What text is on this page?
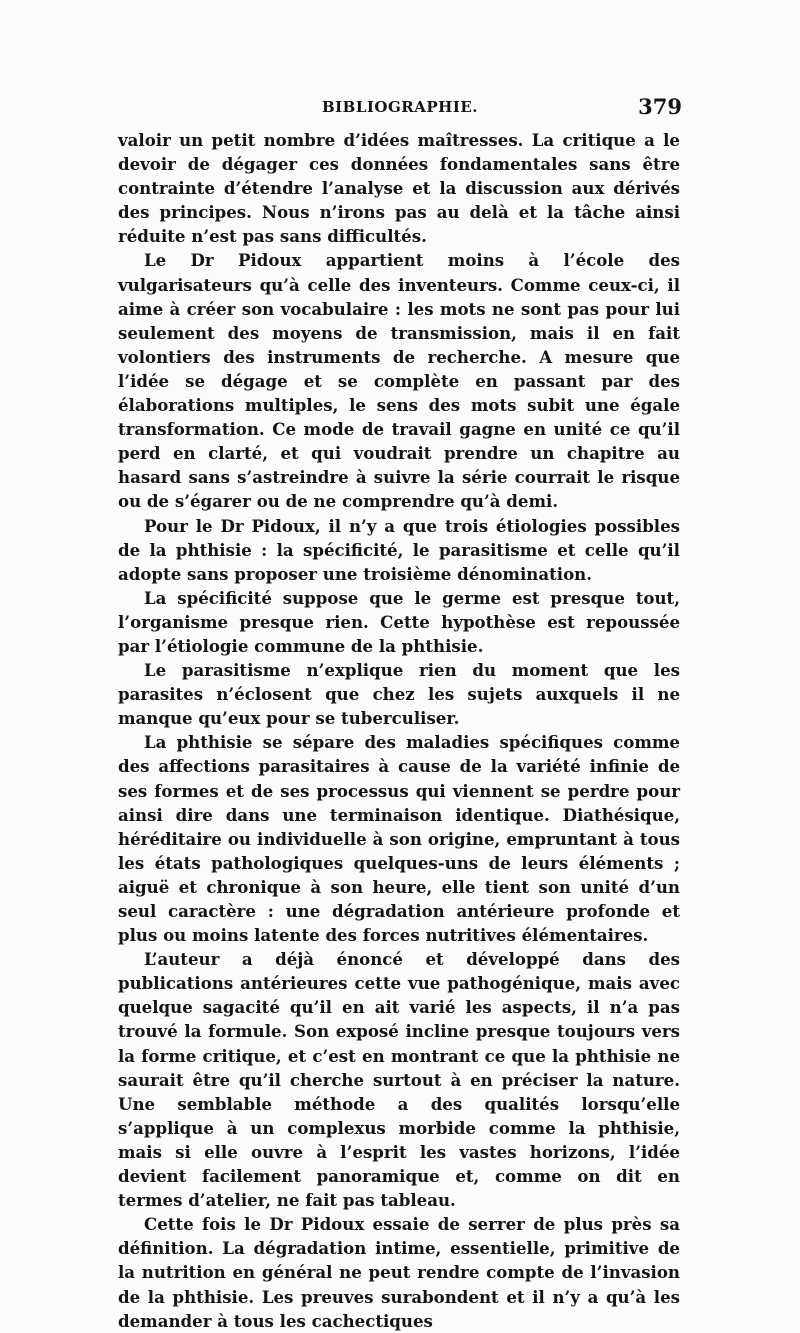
BIBLIOGRAPHIE.	379

valoir un petit nombre d’idées maîtresses. La critique a le devoir de dégager ces données fondamentales sans être contrainte d’étendre l’analyse et la discussion aux dérivés des principes. Nous n’irons pas au delà et la tâche ainsi réduite n’est pas sans difficultés.

Le Dr Pidoux appartient moins à l’école des vulgarisateurs qu’à celle des inventeurs. Comme ceux-ci, il aime à créer son vocabulaire : les mots ne sont pas pour lui seulement des moyens de transmission, mais il en fait volontiers des instruments de recherche. A mesure que l’idée se dégage et se complète en passant par des élaborations multiples, le sens des mots subit une égale transformation. Ce mode de travail gagne en unité ce qu’il perd en clarté, et qui voudrait prendre un chapitre au hasard sans s’astreindre à suivre la série courrait le risque ou de s’égarer ou de ne comprendre qu’à demi.

Pour le Dr Pidoux, il n’y a que trois étiologies possibles de la phthisie : la spécificité, le parasitisme et celle qu’il adopte sans proposer une troisième dénomination.

La spécificité suppose que le germe est presque tout, l’organisme presque rien. Cette hypothèse est repoussée par l’étiologie commune de la phthisie.

Le parasitisme n’explique rien du moment que les parasites n’éclosent que chez les sujets auxquels il ne manque qu’eux pour se tuberculiser.

La phthisie se sépare des maladies spécifiques comme des affections parasitaires à cause de la variété infinie de ses formes et de ses processus qui viennent se perdre pour ainsi dire dans une terminaison identique. Diathésique, héréditaire ou individuelle à son origine, empruntant à tous les états pathologiques quelques-uns de leurs éléments ; aiguë et chronique à son heure, elle tient son unité d’un seul caractère : une dégradation antérieure profonde et plus ou moins latente des forces nutritives élémentaires.

L’auteur a déjà énoncé et développé dans des publications antérieures cette vue pathogénique, mais avec quelque sagacité qu’il en ait varié les aspects, il n’a pas trouvé la formule. Son exposé incline presque toujours vers la forme critique, et c’est en montrant ce que la phthisie ne saurait être qu’il cherche surtout à en préciser la nature. Une semblable méthode a des qualités lorsqu’elle s’applique à un complexus morbide comme la phthisie, mais si elle ouvre à l’esprit les vastes horizons, l’idée devient facilement panoramique et, comme on dit en termes d’atelier, ne fait pas tableau.

Cette fois le Dr Pidoux essaie de serrer de plus près sa définition. La dégradation intime, essentielle, primitive de la nutrition en général ne peut rendre compte de l’invasion de la phthisie. Les preuves surabondent et il n’y a qu’à les demander à tous les cachectiques
